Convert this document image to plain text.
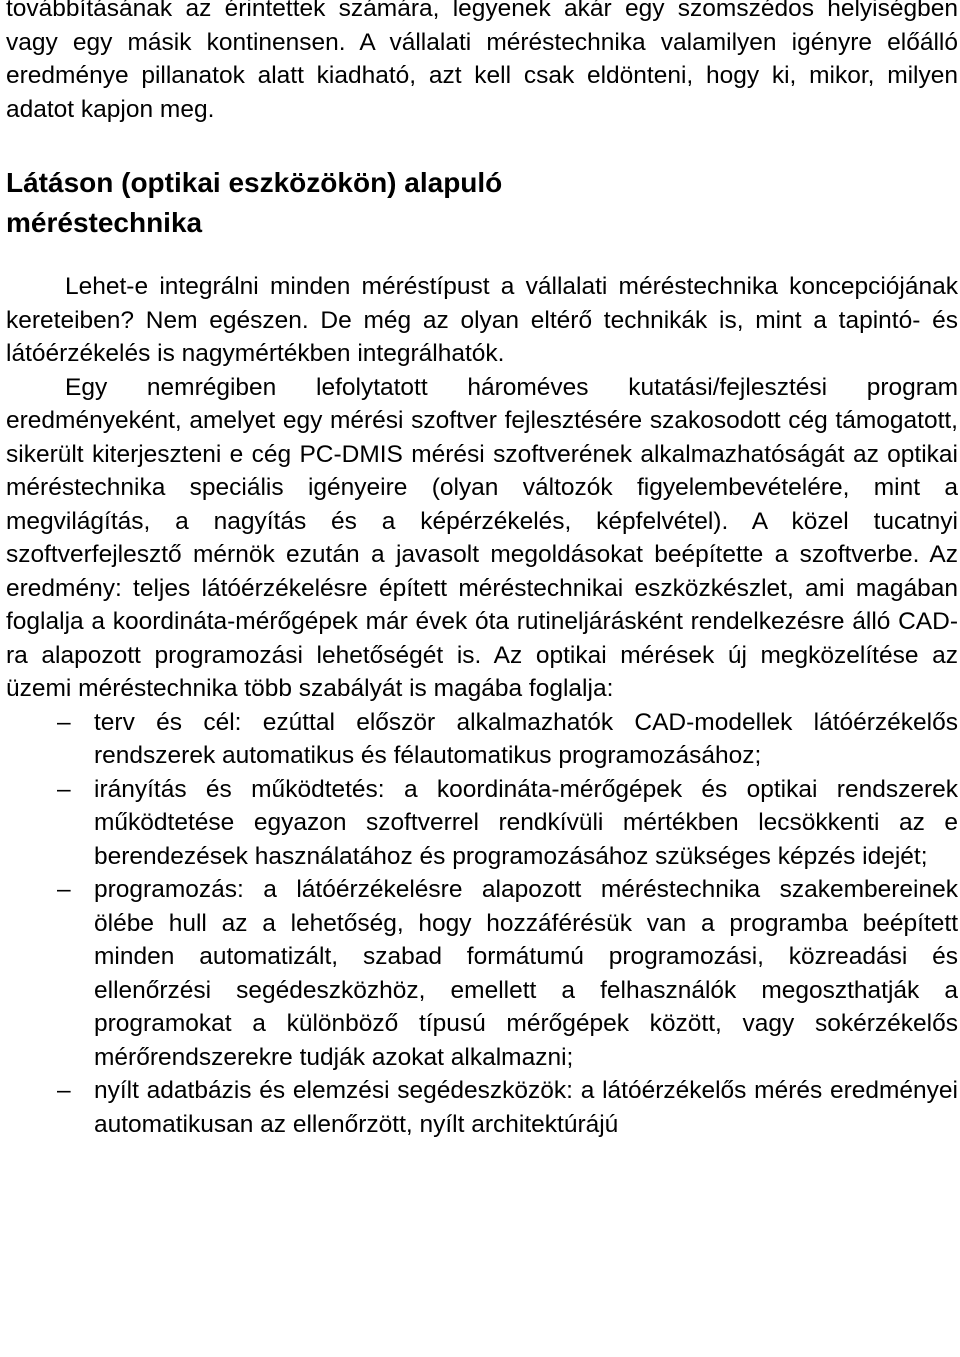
továbbításának az érintettek számára, legyenek akár egy szomszédos helyiségben vagy egy másik kontinensen. A vállalati méréstechnika valamilyen igényre előálló eredménye pillanatok alatt kiadható, azt kell csak eldönteni, hogy ki, mikor, milyen adatot kapjon meg.

Látáson (optikai eszközökön) alapuló
méréstechnika

Lehet-e integrálni minden méréstípust a vállalati méréstechnika koncepciójának kereteiben? Nem egészen. De még az olyan eltérő technikák is, mint a tapintó- és látóérzékelés is nagymértékben integrálhatók.

Egy nemrégiben lefolytatott hároméves kutatási/fejlesztési program eredményeként, amelyet egy mérési szoftver fejlesztésére szakosodott cég támogatott, sikerült kiterjeszteni e cég PC-DMIS mérési szoftverének alkalmazhatóságát az optikai méréstechnika speciális igényeire (olyan változók figyelembevételére, mint a megvilágítás, a nagyítás és a képérzékelés, képfelvétel). A közel tucatnyi szoftverfejlesztő mérnök ezután a javasolt megoldásokat beépítette a szoftverbe. Az eredmény: teljes látóérzékelésre épített méréstechnikai eszközkészlet, ami magában foglalja a koordináta-mérőgépek már évek óta rutineljárásként rendelkezésre álló CAD-ra alapozott programozási lehetőségét is. Az optikai mérések új megközelítése az üzemi méréstechnika több szabályát is magába foglalja:

– terv és cél: ezúttal először alkalmazhatók CAD-modellek látóérzékelős rendszerek automatikus és félautomatikus programozásához;
– irányítás és működtetés: a koordináta-mérőgépek és optikai rendszerek működtetése egyazon szoftverrel rendkívüli mértékben lecsökkenti az e berendezések használatához és programozásához szükséges képzés idejét;
– programozás: a látóérzékelésre alapozott méréstechnika szakembereinek ölébe hull az a lehetőség, hogy hozzáférésük van a programba beépített minden automatizált, szabad formátumú programozási, közreadási és ellenőrzési segédeszközhöz, emellett a felhasználók megoszthatják a programokat a különböző típusú mérőgépek között, vagy sokérzékelős mérőrendszerekre tudják azokat alkalmazni;
– nyílt adatbázis és elemzési segédeszközök: a látóérzékelős mérés eredményei automatikusan az ellenőrzött, nyílt architektúrájú
